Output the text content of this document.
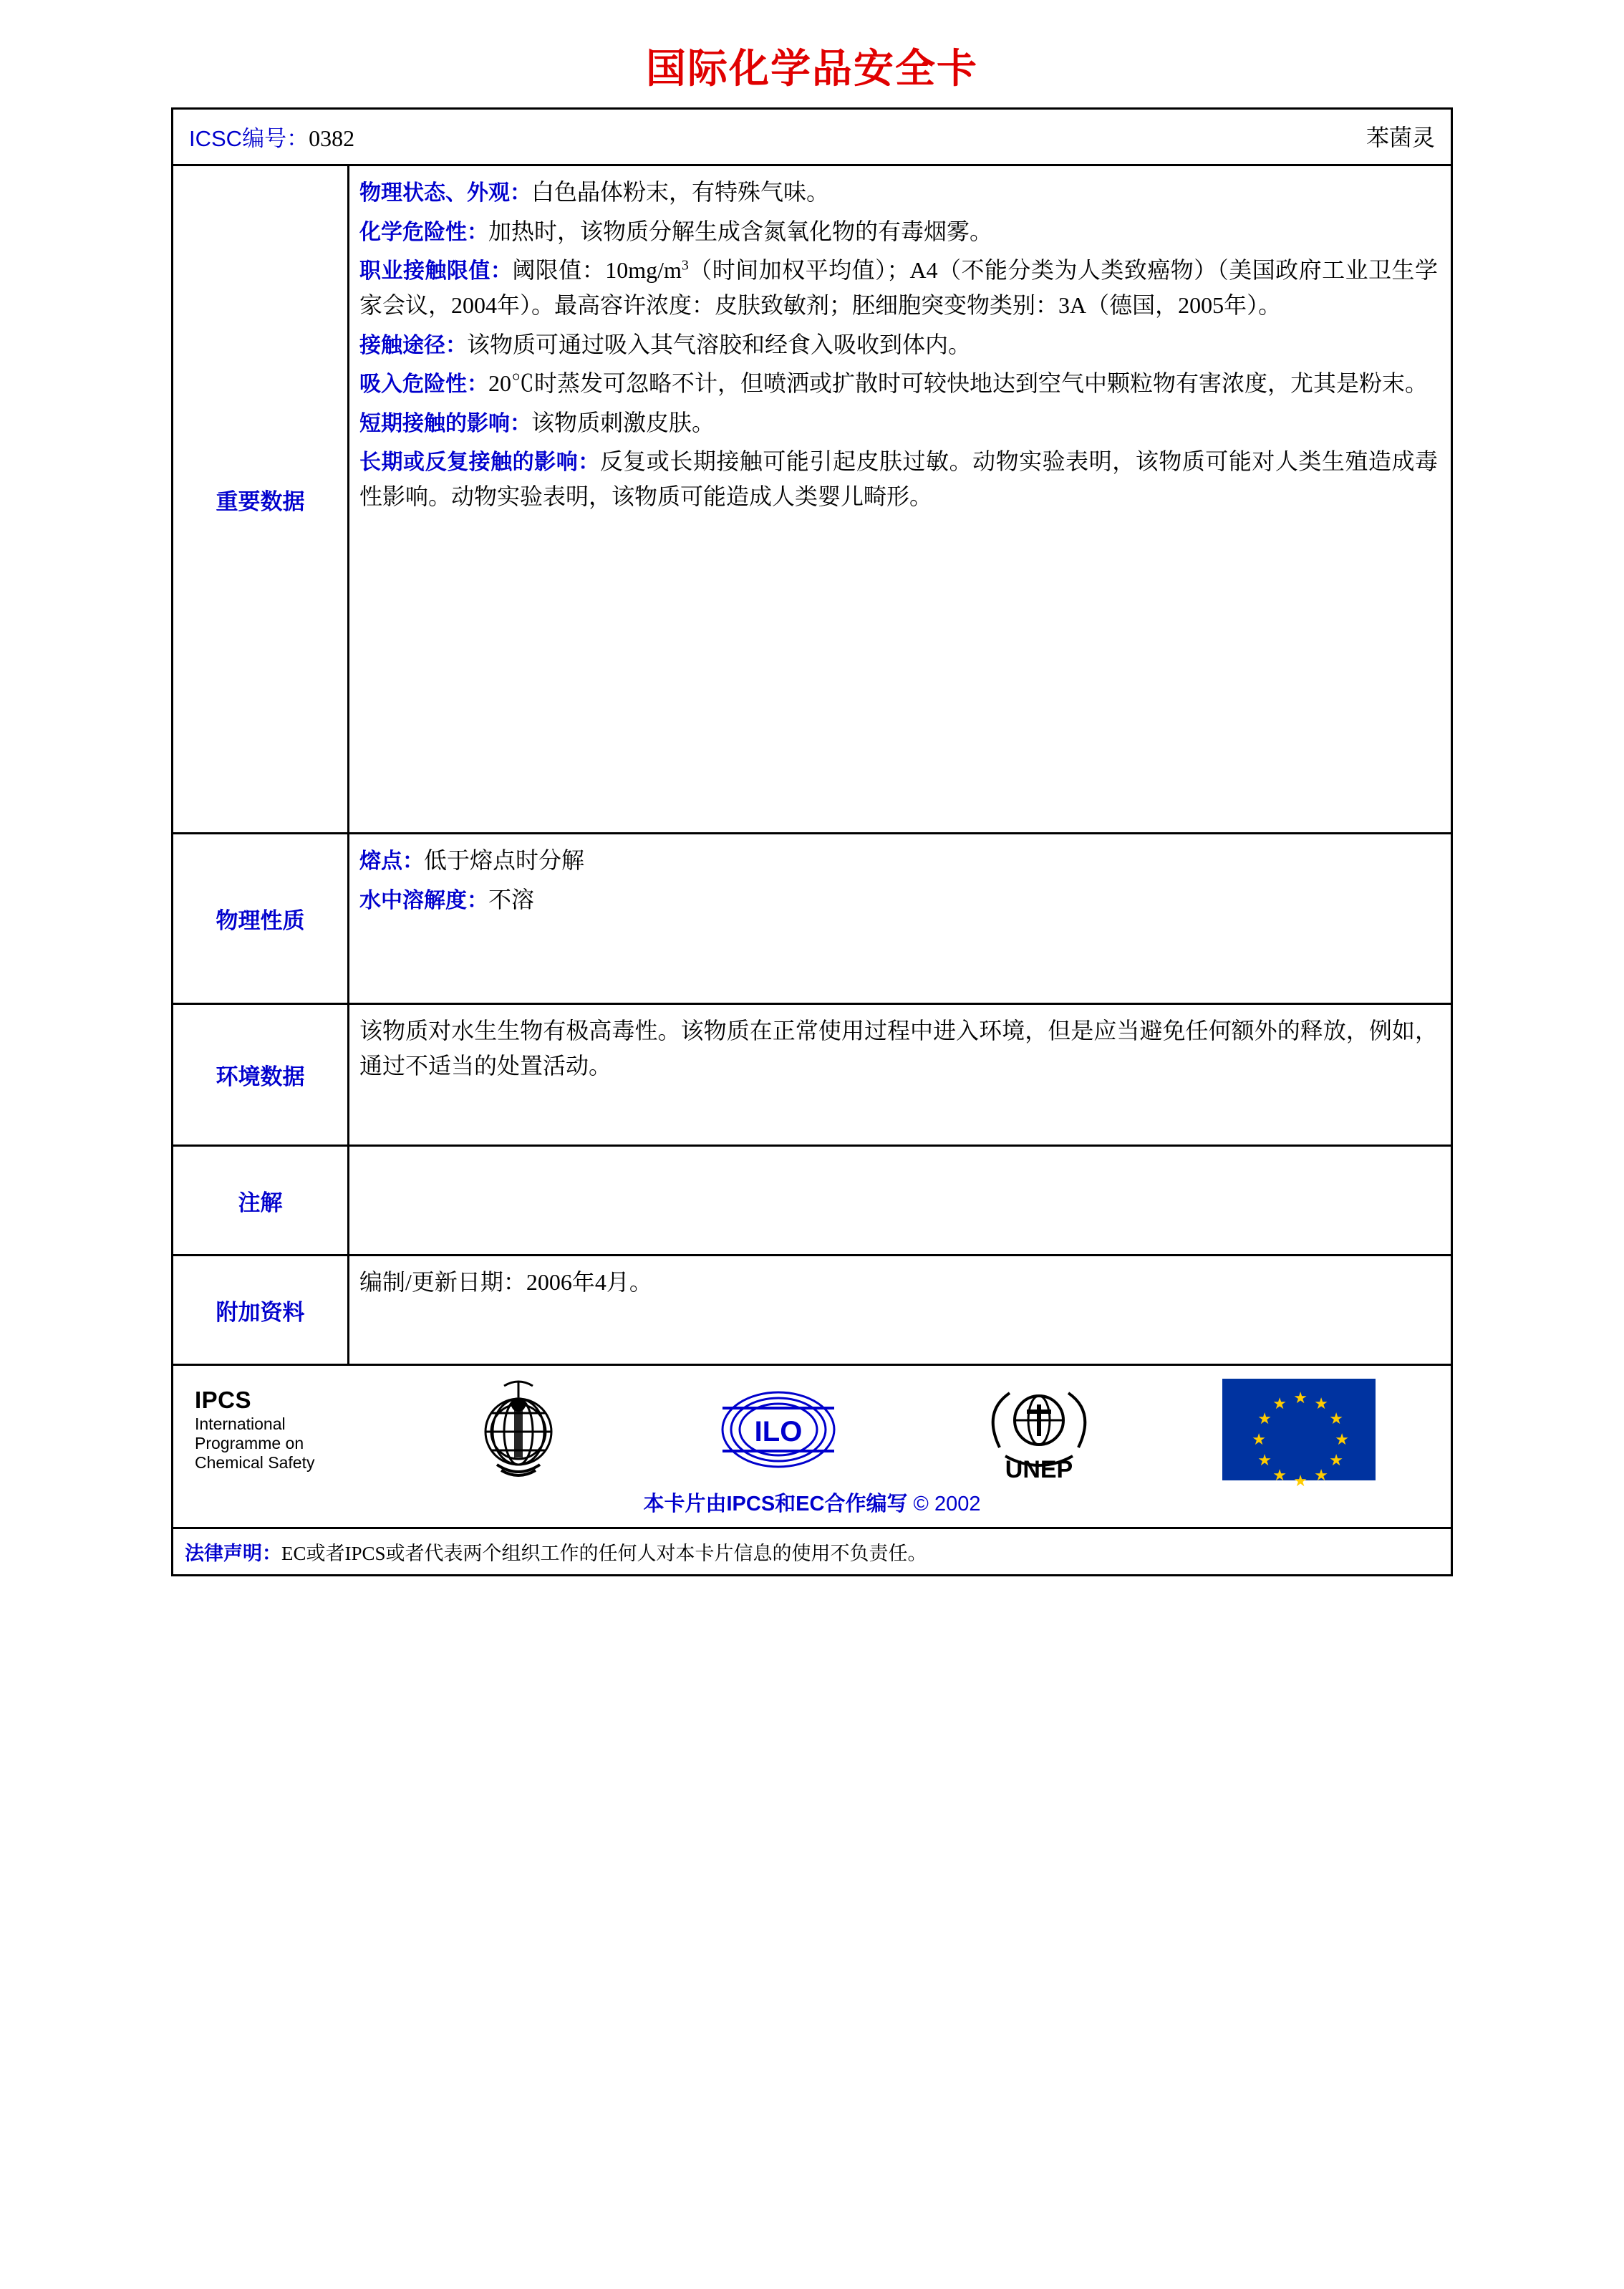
国际化学品安全卡
ICSC编号：0382	苯菌灵
重要数据

物理状态、外观：白色晶体粉末，有特殊气味。

化学危险性：加热时，该物质分解生成含氮氧化物的有毒烟雾。

职业接触限值：阈限值：$10mg/m^3$（时间加权平均值）；A4（不能分类为人类致癌物）（美国政府工业卫生学家会议，2004年）。最高容许浓度：皮肤致敏剂；胚细胞突变物类别：3A（德国，2005年）。

接触途径：该物质可通过吸入其气溶胶和经食入吸收到体内。

吸入危险性：20℃时蒸发可忽略不计，但喷洒或扩散时可较快地达到空气中颗粒物有害浓度，尤其是粉末。

短期接触的影响：该物质刺激皮肤。

长期或反复接触的影响：反复或长期接触可能引起皮肤过敏。动物实验表明，该物质可能对人类生殖造成毒性影响。动物实验表明，该物质可能造成人类婴儿畸形。

物理性质

熔点：低于熔点时分解

水中溶解度：不溶

环境数据

该物质对水生生物有极高毒性。该物质在正常使用过程中进入环境，但是应当避免任何额外的释放，例如，通过不适当的处置活动。

注解
附加资料

编制/更新日期：2006年4月。

IPCS
International
Programme on
Chemical Safety
ILO
UNEP
★ ★
★
★
★
★
★
★
★
★
★
★
本卡片由IPCS和EC合作编写 © 2002
法律声明：EC或者IPCS或者代表两个组织工作的任何人对本卡片信息的使用不负责任。
